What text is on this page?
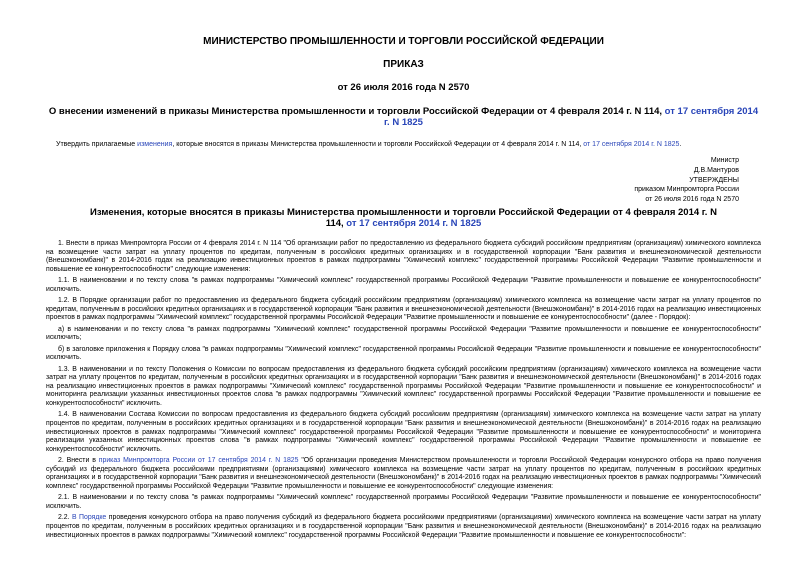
МИНИСТЕРСТВО ПРОМЫШЛЕННОСТИ И ТОРГОВЛИ РОССИЙСКОЙ ФЕДЕРАЦИИ
ПРИКАЗ
от 26 июля 2016 года N 2570
О внесении изменений в приказы Министерства промышленности и торговли Российской Федерации от 4 февраля 2014 г. N 114, от 17 сентября 2014 г. N 1825
Утвердить прилагаемые изменения, которые вносятся в приказы Министерства промышленности и торговли Российской Федерации от 4 февраля 2014 г. N 114, от 17 сентября 2014 г. N 1825.
Министр
Д.В.Мантуров
УТВЕРЖДЕНЫ
приказом Минпромторга России
от 26 июля 2016 года N 2570
Изменения, которые вносятся в приказы Министерства промышленности и торговли Российской Федерации от 4 февраля 2014 г. N 114, от 17 сентября 2014 г. N 1825

1. Внести в приказ Минпромторга России от 4 февраля 2014 г. N 114 "Об организации работ по предоставлению из федерального бюджета субсидий российским предприятиям (организациям) химического комплекса на возмещение части затрат на уплату процентов по кредитам, полученным в российских кредитных организациях и в государственной корпорации "Банк развития и внешнеэкономической деятельности (Внешэкономбанк)" в 2014-2016 годах на реализацию инвестиционных проектов в рамках подпрограммы "Химический комплекс" государственной программы Российской Федерации "Развитие промышленности и повышение ее конкурентоспособности" следующие изменения:

1.1. В наименовании и по тексту слова "в рамках подпрограммы "Химический комплекс" государственной программы Российской Федерации "Развитие промышленности и повышение ее конкурентоспособности" исключить.

1.2. В Порядке организации работ по предоставлению из федерального бюджета субсидий российским предприятиям (организациям) химического комплекса на возмещение части затрат на уплату процентов по кредитам, полученным в российских кредитных организациях и в государственной корпорации "Банк развития и внешнеэкономической деятельности (Внешэкономбанк)" в 2014-2016 годах на реализацию инвестиционных проектов в рамках подпрограммы "Химический комплекс" государственной программы Российской Федерации "Развитие промышленности и повышение ее конкурентоспособности" (далее - Порядок):

а) в наименовании и по тексту слова "в рамках подпрограммы "Химический комплекс" государственной программы Российской Федерации "Развитие промышленности и повышение ее конкурентоспособности" исключить;

б) в заголовке приложения к Порядку слова "в рамках подпрограммы "Химический комплекс" государственной программы Российской Федерации "Развитие промышленности и повышение ее конкурентоспособности" исключить.

1.3. В наименовании и по тексту Положения о Комиссии по вопросам предоставления из федерального бюджета субсидий российским предприятиям (организациям) химического комплекса на возмещение части затрат на уплату процентов по кредитам, полученным в российских кредитных организациях и в государственной корпорации "Банк развития и внешнеэкономической деятельности (Внешэкономбанк)" в 2014-2016 годах на реализацию инвестиционных проектов в рамках подпрограммы "Химический комплекс" государственной программы Российской Федерации "Развитие промышленности и повышение ее конкурентоспособности" и мониторинга реализации указанных инвестиционных проектов слова "в рамках подпрограммы "Химический комплекс" государственной программы Российской Федерации "Развитие промышленности и повышение ее конкурентоспособности" исключить.

1.4. В наименовании Состава Комиссии по вопросам предоставления из федерального бюджета субсидий российским предприятиям (организациям) химического комплекса на возмещение части затрат на уплату процентов по кредитам, полученным в российских кредитных организациях и в государственной корпорации "Банк развития и внешнеэкономической деятельности (Внешэкономбанк)" в 2014-2016 годах на реализацию инвестиционных проектов в рамках подпрограммы "Химический комплекс" государственной программы Российской Федерации "Развитие промышленности и повышение ее конкурентоспособности" и мониторинга реализации указанных инвестиционных проектов слова "в рамках подпрограммы "Химический комплекс" государственной программы Российской Федерации "Развитие промышленности и повышение ее конкурентоспособности" исключить.

2. Внести в приказ Минпромторга России от 17 сентября 2014 г. N 1825 "Об организации проведения Министерством промышленности и торговли Российской Федерации конкурсного отбора на право получения субсидий из федерального бюджета российскими предприятиями (организациями) химического комплекса на возмещение части затрат на уплату процентов по кредитам, полученным в российских кредитных организациях и в государственной корпорации "Банк развития и внешнеэкономической деятельности (Внешэкономбанк)" в 2014-2016 годах на реализацию инвестиционных проектов в рамках подпрограммы "Химический комплекс" государственной программы Российской Федерации "Развитие промышленности и повышение ее конкурентоспособности" следующие изменения:

2.1. В наименовании и по тексту слова "в рамках подпрограммы "Химический комплекс" государственной программы Российской Федерации "Развитие промышленности и повышение ее конкурентоспособности" исключить.

2.2. В Порядке проведения конкурсного отбора на право получения субсидий из федерального бюджета российскими предприятиями (организациями) химического комплекса на возмещение части затрат на уплату процентов по кредитам, полученным в российских кредитных организациях и в государственной корпорации "Банк развития и внешнеэкономической деятельности (Внешэкономбанк)" в 2014-2016 годах на реализацию инвестиционных проектов в рамках подпрограммы "Химический комплекс" государственной программы Российской Федерации "Развитие промышленности и повышение ее конкурентоспособности":
